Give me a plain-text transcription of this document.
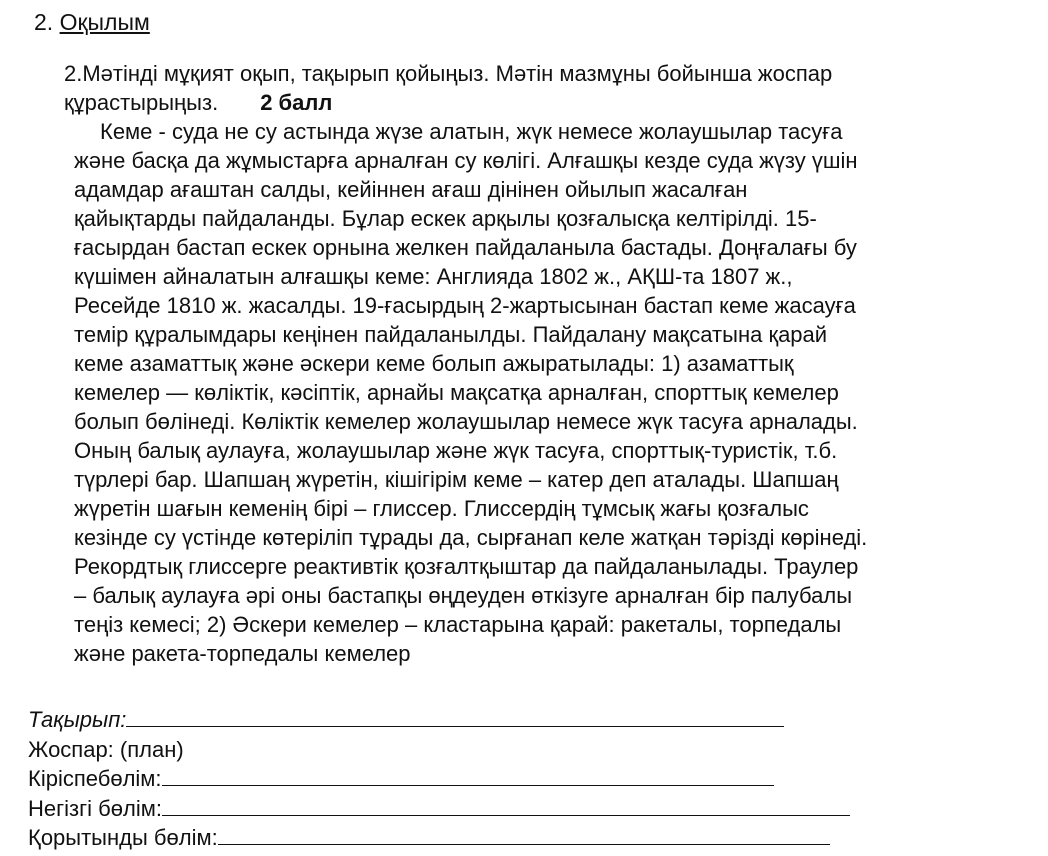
2. Оқылым
2.Мәтінді мұқият оқып, тақырып қойыңыз. Мәтін мазмұны бойынша жоспар
құрастырыңыз. 2 балл

Кеме - суда не су астында жүзе алатын, жүк немесе жолаушылар тасуға
және басқа да жұмыстарға арналған су көлігі. Алғашқы кезде суда жүзу үшін
адамдар ағаштан салды, кейіннен ағаш дінінен ойылып жасалған
қайықтарды пайдаланды. Бұлар ескек арқылы қозғалысқа келтірілді. 15-
ғасырдан бастап ескек орнына желкен пайдаланыла бастады. Доңғалағы бу
күшімен айналатын алғашқы кеме: Англияда 1802 ж., АҚШ-та 1807 ж.,
Ресейде 1810 ж. жасалды. 19-ғасырдың 2-жартысынан бастап кеме жасауға
темір құралымдары кеңінен пайдаланылды. Пайдалану мақсатына қарай
кеме азаматтық және әскери кеме болып ажыратылады: 1) азаматтық
кемелер — көліктік, кәсіптік, арнайы мақсатқа арналған, спорттық кемелер
болып бөлінеді. Көліктік кемелер жолаушылар немесе жүк тасуға арналады.
Оның балық аулауға, жолаушылар және жүк тасуға, спорттық-туристік, т.б.
түрлері бар. Шапшаң жүретін, кішігірім кеме – катер деп аталады. Шапшаң
жүретін шағын кеменің бірі – глиссер. Глиссердің тұмсық жағы қозғалыс
кезінде су үстінде көтеріліп тұрады да, сырғанап келе жатқан тәрізді көрінеді.
Рекордтық глиссерге реактивтік қозғалтқыштар да пайдаланылады. Траулер
– балық аулауға әрі оны бастапқы өңдеуден өткізуге арналған бір палубалы
теңіз кемесі; 2) Әскери кемелер – кластарына қарай: ракеталы, торпедалы
және ракета-торпедалы кемелер

Тақырып:
Жоспар: (план)
Кіріспебөлім:
Негізгі бөлім:
Қорытынды бөлім:
